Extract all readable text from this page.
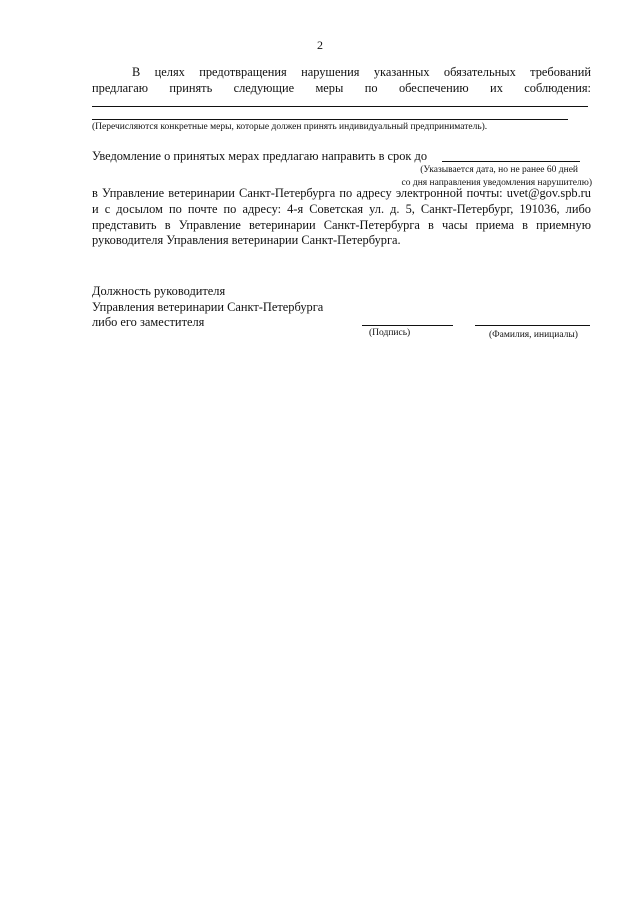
2
В целях предотвращения нарушения указанных обязательных требований
предлагаю принять следующие меры по обеспечению их соблюдения:
(Перечисляются конкретные меры, которые должен принять индивидуальный предприниматель).
Уведомление о принятых мерах предлагаю направить в срок до
(Указывается дата, но не ранее 60 дней
со дня направления уведомления нарушителю)
в Управление ветеринарии Санкт-Петербурга по адресу электронной почты: uvet@gov.spb.ru и с досылом по почте по адресу: 4-я Советская ул. д. 5, Санкт-Петербург, 191036, либо представить в Управление ветеринарии Санкт-Петербурга в часы приема в приемную руководителя Управления ветеринарии Санкт-Петербурга.
Должность руководителя
Управления ветеринарии Санкт-Петербурга
либо его заместителя
(Подпись)	(Фамилия, инициалы)
